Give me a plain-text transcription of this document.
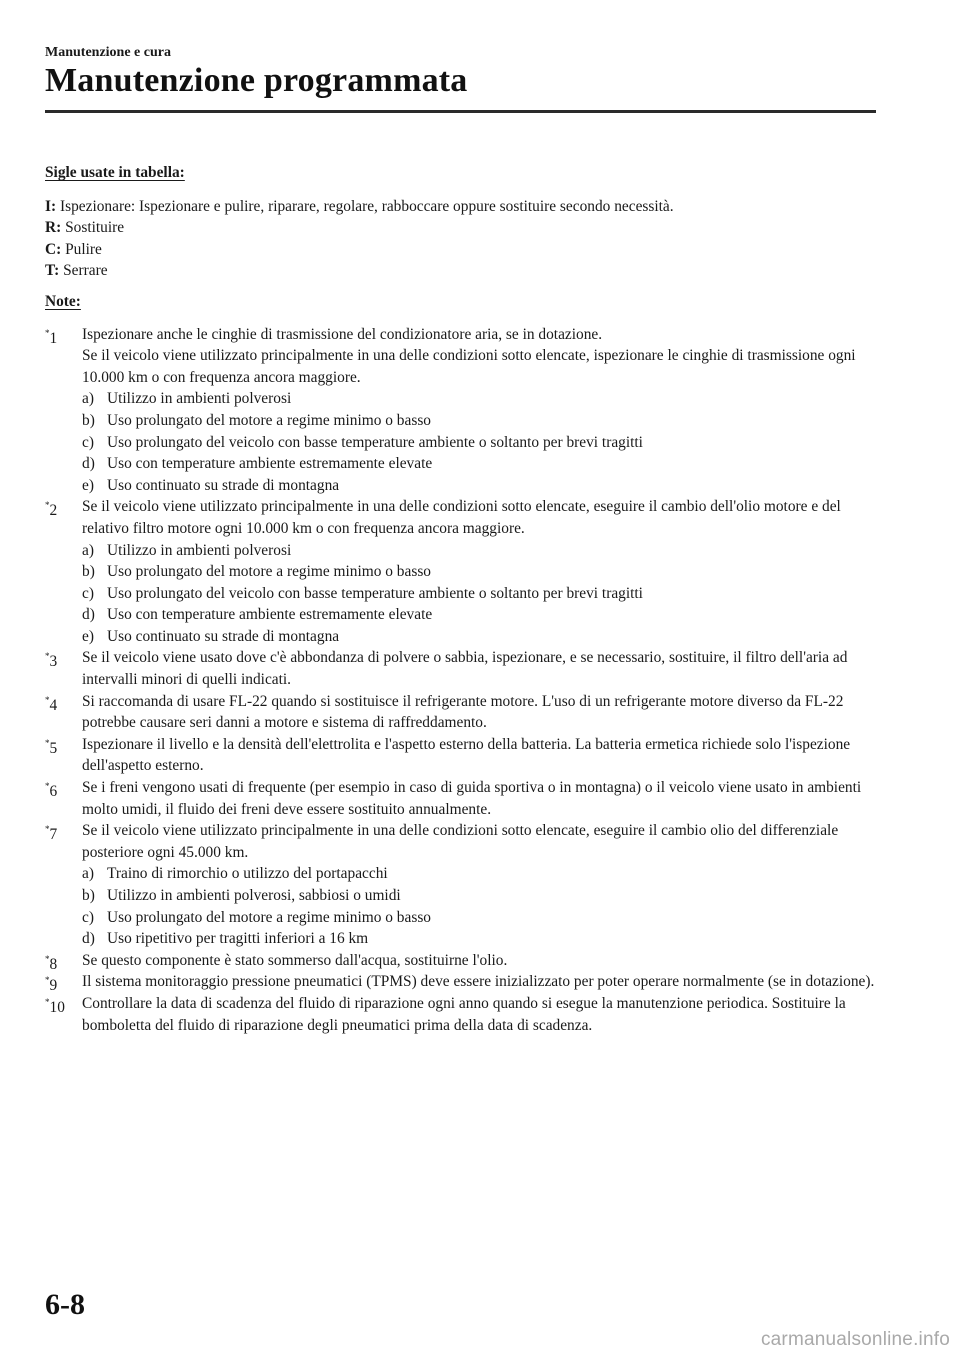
Manutenzione e cura
Manutenzione programmata

Sigle usate in tabella:

I: Ispezionare: Ispezionare e pulire, riparare, regolare, rabboccare oppure sostituire secondo necessità.

R: Sostituire

C: Pulire

T: Serrare

Note:

*1 Ispezionare anche le cinghie di trasmissione del condizionatore aria, se in dotazione.
Se il veicolo viene utilizzato principalmente in una delle condizioni sotto elencate, ispezionare le cinghie di trasmissione ogni 10.000 km o con frequenza ancora maggiore.
a) Utilizzo in ambienti polverosi
b) Uso prolungato del motore a regime minimo o basso
c) Uso prolungato del veicolo con basse temperature ambiente o soltanto per brevi tragitti
d) Uso con temperature ambiente estremamente elevate
e) Uso continuato su strade di montagna
*2 Se il veicolo viene utilizzato principalmente in una delle condizioni sotto elencate, eseguire il cambio dell'olio motore e del relativo filtro motore ogni 10.000 km o con frequenza ancora maggiore.
a) Utilizzo in ambienti polverosi
b) Uso prolungato del motore a regime minimo o basso
c) Uso prolungato del veicolo con basse temperature ambiente o soltanto per brevi tragitti
d) Uso con temperature ambiente estremamente elevate
e) Uso continuato su strade di montagna
*3 Se il veicolo viene usato dove c'è abbondanza di polvere o sabbia, ispezionare, e se necessario, sostituire, il filtro dell'aria ad intervalli minori di quelli indicati.
*4 Si raccomanda di usare FL-22 quando si sostituisce il refrigerante motore. L'uso di un refrigerante motore diverso da FL-22 potrebbe causare seri danni a motore e sistema di raffreddamento.
*5 Ispezionare il livello e la densità dell'elettrolita e l'aspetto esterno della batteria. La batteria ermetica richiede solo l'ispezione dell'aspetto esterno.
*6 Se i freni vengono usati di frequente (per esempio in caso di guida sportiva o in montagna) o il veicolo viene usato in ambienti molto umidi, il fluido dei freni deve essere sostituito annualmente.
*7 Se il veicolo viene utilizzato principalmente in una delle condizioni sotto elencate, eseguire il cambio olio del differenziale posteriore ogni 45.000 km.
a) Traino di rimorchio o utilizzo del portapacchi
b) Utilizzo in ambienti polverosi, sabbiosi o umidi
c) Uso prolungato del motore a regime minimo o basso
d) Uso ripetitivo per tragitti inferiori a 16 km
*8 Se questo componente è stato sommerso dall'acqua, sostituirne l'olio.
*9 Il sistema monitoraggio pressione pneumatici (TPMS) deve essere inizializzato per poter operare normalmente (se in dotazione).
*10 Controllare la data di scadenza del fluido di riparazione ogni anno quando si esegue la manutenzione periodica. Sostituire la bomboletta del fluido di riparazione degli pneumatici prima della data di scadenza.
6-8
carmanualsonline.info
